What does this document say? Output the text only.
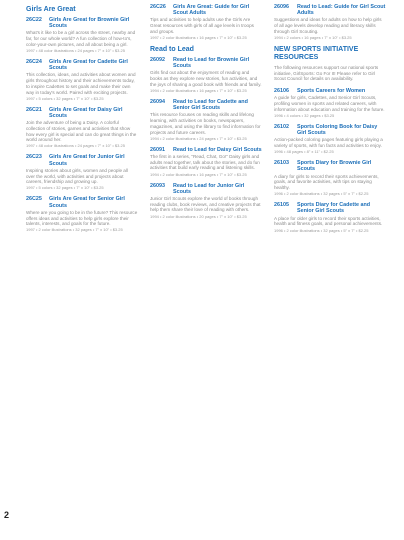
Girls Are Great
26C22	Girls Are Great for Brownie Girl Scouts
What's it like to be a girl across the street, nearby and far, for our whole world? A fun collection of how-to's, color-your-own pictures, and all about being a girl.
1997 • 48 color illustrations • 24 pages • 7" x 10" • $3.25
26C24	Girls Are Great for Cadette Girl Scouts
This collection, ideas, and activities about women and girls throughout history and their achievements today, to inspire Cadettes to set goals and make their own way in today's world. Paired with exciting projects.
1997 • 5 colors • 32 pages • 7" x 10" • $3.25
26C21	Girls Are Great for Daisy Girl Scouts
Join the adventure of being a Daisy. A colorful collection of stories, games and activities that show how every girl is special and can do great things in the world around her.
1997 • 48 color illustrations • 24 pages • 7" x 10" • $3.25
26C23	Girls Are Great for Junior Girl Scouts
Inspiring stories about girls, women and people all over the world, with activities and projects about careers, friendship and growing up.
1997 • 5 colors • 32 pages • 7" x 10" • $3.25
26C25	Girls Are Great for Senior Girl Scouts
Where are you going to be in the future? This resource offers ideas and activities to help girls explore their talents, interests, and goals for the future.
1997 • 2 color illustrations • 32 pages • 7" x 10" • $3.25
26C26	Girls Are Great: Guide for Girl Scout Adults
Tips and activities to help adults use the Girls Are Great resources with girls of all age levels in troops and groups.
1997 • 2 color illustrations • 16 pages • 7" x 10" • $3.25
Read to Lead
26092	Read to Lead for Brownie Girl Scouts
Girls find out about the enjoyment of reading and books as they explore new stories, fun activities, and the joys of sharing a good book with friends and family.
1994 • 2 color illustrations • 16 pages • 7" x 10" • $3.25
26094	Read to Lead for Cadette and Senior Girl Scouts
This resource focuses on reading skills and lifelong learning, with activities on books, newspapers, magazines, and using the library to find information for projects and future careers.
1994 • 2 color illustrations • 24 pages • 7" x 10" • $3.25
26091	Read to Lead for Daisy Girl Scouts
The first in a series, "Read, Chat, Go!" Daisy girls and adults read together, talk about the stories, and do fun activities that build early reading and listening skills.
1994 • 2 color illustrations • 16 pages • 7" x 10" • $3.25
26093	Read to Lead for Junior Girl Scouts
Junior Girl Scouts explore the world of books through reading clubs, book reviews, and creative projects that help them share their love of reading with others.
1994 • 2 color illustrations • 20 pages • 7" x 10" • $3.25
26096	Read to Lead: Guide for Girl Scout Adults
Suggestions and ideas for adults on how to help girls of all age levels develop reading and literacy skills through Girl Scouting.
1994 • 2 colors • 16 pages • 7" x 10" • $3.25
NEW SPORTS INITIATIVE RESOURCES
The following resources support our national sports initiative, GirlSports: Go For It! Please refer to Girl Scout Council for details on availability.
26106	Sports Careers for Women
A guide for girls, Cadettes, and Senior Girl Scouts, profiling women in sports and related careers, with information about education and training for the future.
1996 • 4 colors • 32 pages • $3.25
26102	Sports Coloring Book for Daisy Girl Scouts
Action-packed coloring pages featuring girls playing a variety of sports, with fun facts and activities to enjoy.
1996 • 48 pages • 8" x 11" • $2.25
26103	Sports Diary for Brownie Girl Scouts
A diary for girls to record their sports achievements, goals, and favorite activities, with tips on staying healthy.
1996 • 2 color illustrations • 32 pages • 5" x 7" • $2.25
26105	Sports Diary for Cadette and Senior Girl Scouts
A place for older girls to record their sports activities, health and fitness goals, and personal achievements.
1996 • 2 color illustrations • 32 pages • 5" x 7" • $2.25
2
